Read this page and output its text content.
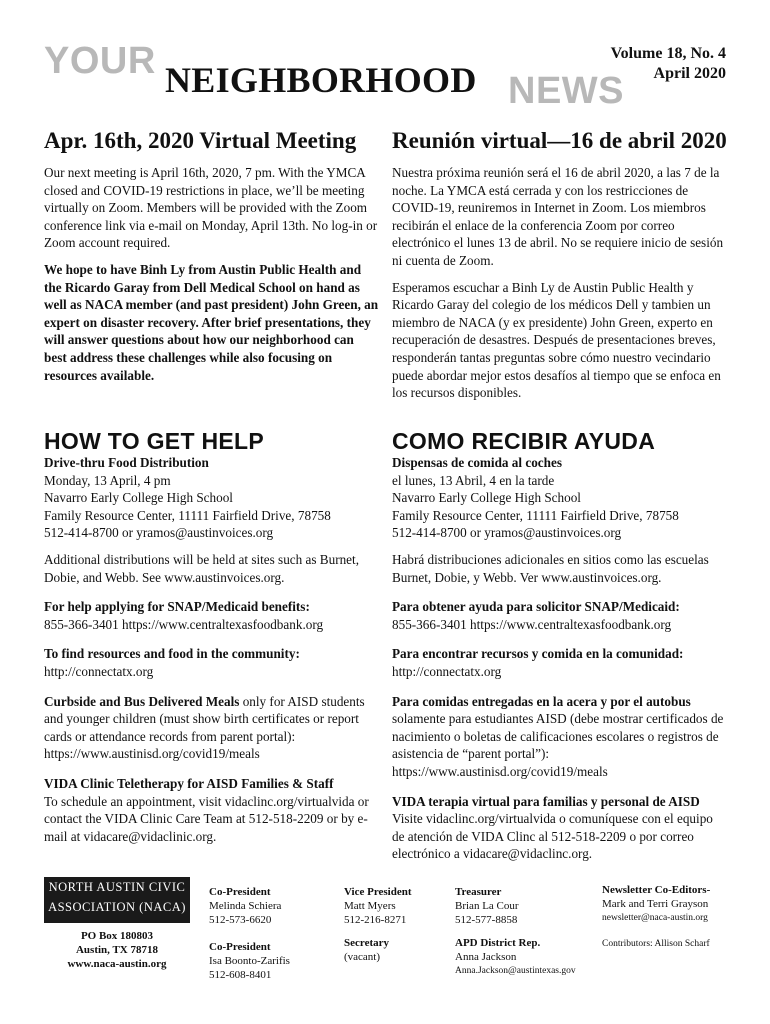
YOUR NEIGHBORHOOD NEWS
Volume 18, No. 4
April 2020
Apr. 16th, 2020 Virtual Meeting

Our next meeting is April 16th, 2020, 7 pm. With the YMCA closed and COVID-19 restrictions in place, we’ll be meeting virtually on Zoom. Members will be provided with the Zoom conference link via e-mail on Monday, April 13th. No log-in or Zoom account required.

We hope to have Binh Ly from Austin Public Health and the Ricardo Garay from Dell Medical School on hand as well as NACA member (and past president) John Green, an expert on disaster recovery. After brief presentations, they will answer questions about how our neighborhood can best address these challenges while also focusing on resources available.

Reunión virtual—16 de abril 2020

Nuestra próxima reunión será el 16 de abril 2020, a las 7 de la noche. La YMCA está cerrada y con los restricciones de COVID-19, reuniremos in Internet in Zoom. Los miembros recibirán el enlace de la conferencia Zoom por correo electrónico el lunes 13 de abril. No se requiere inicio de sesión ni cuenta de Zoom.

Esperamos escuchar a Binh Ly de Austin Public Health y Ricardo Garay del colegio de los médicos Dell y tambien un miembro de NACA (y ex presidente) John Green, experto en recuperación de desastres. Después de presentaciones breves, responderán tantas preguntas sobre cómo nuestro vecindario puede abordar mejor estos desafíos al tiempo que se enfoca en los recursos disponibles.

HOW TO GET HELP

Drive-thru Food Distribution

Monday, 13 April, 4 pm

Navarro Early College High School

Family Resource Center, 11111 Fairfield Drive, 78758

512-414-8700 or yramos@austinvoices.org

Additional distributions will be held at sites such as Burnet, Dobie, and Webb. See www.austinvoices.org.

For help applying for SNAP/Medicaid benefits:

855-366-3401 https://www.centraltexasfoodbank.org

To find resources and food in the community:

http://connectatx.org

Curbside and Bus Delivered Meals only for AISD students and younger children (must show birth certificates or report cards or attendance records from parent portal): https://www.austinisd.org/covid19/meals

VIDA Clinic Teletherapy for AISD Families & Staff

To schedule an appointment, visit vidaclinc.org/virtualvida or contact the VIDA Clinic Care Team at 512-518-2209 or by e-mail at vidacare@vidaclinic.org.

COMO RECIBIR AYUDA

Dispensas de comida al coches

el lunes, 13 Abril, 4 en la tarde

Navarro Early College High School

Family Resource Center, 11111 Fairfield Drive, 78758

512-414-8700 or yramos@austinvoices.org

Habrá distribuciones adicionales en sitios como las escuelas Burnet, Dobie, y Webb. Ver www.austinvoices.org.

Para obtener ayuda para solicitor SNAP/Medicaid:

855-366-3401 https://www.centraltexasfoodbank.org

Para encontrar recursos y comida en la comunidad:

http://connectatx.org

Para comidas entregadas en la acera y por el autobus solamente para estudiantes AISD (debe mostrar certificados de nacimiento o boletas de calificaciones escolares o registros de asistencia de “parent portal”): https://www.austinisd.org/covid19/meals

VIDA terapia virtual para familias y personal de AISD

Visite vidaclinc.org/virtualvida o comuníquese con el equipo de atención de VIDA Clinc al 512-518-2209 o por correo electrónico a vidacare@vidaclinc.org.

NORTH AUSTIN CIVIC
ASSOCIATION (NACA)
PO Box 180803
Austin, TX 78718
www.naca-austin.org
Co-President
Melinda Schiera
512-573-6620
Co-President
Isa Boonto-Zarifis
512-608-8401
Vice President
Matt Myers
512-216-8271
Secretary
(vacant)
Treasurer
Brian La Cour
512-577-8858
APD District Rep.
Anna Jackson
Anna.Jackson@austintexas.gov
Newsletter Co-Editors-
Mark and Terri Grayson
newsletter@naca-austin.org
Contributors: Allison Scharf
